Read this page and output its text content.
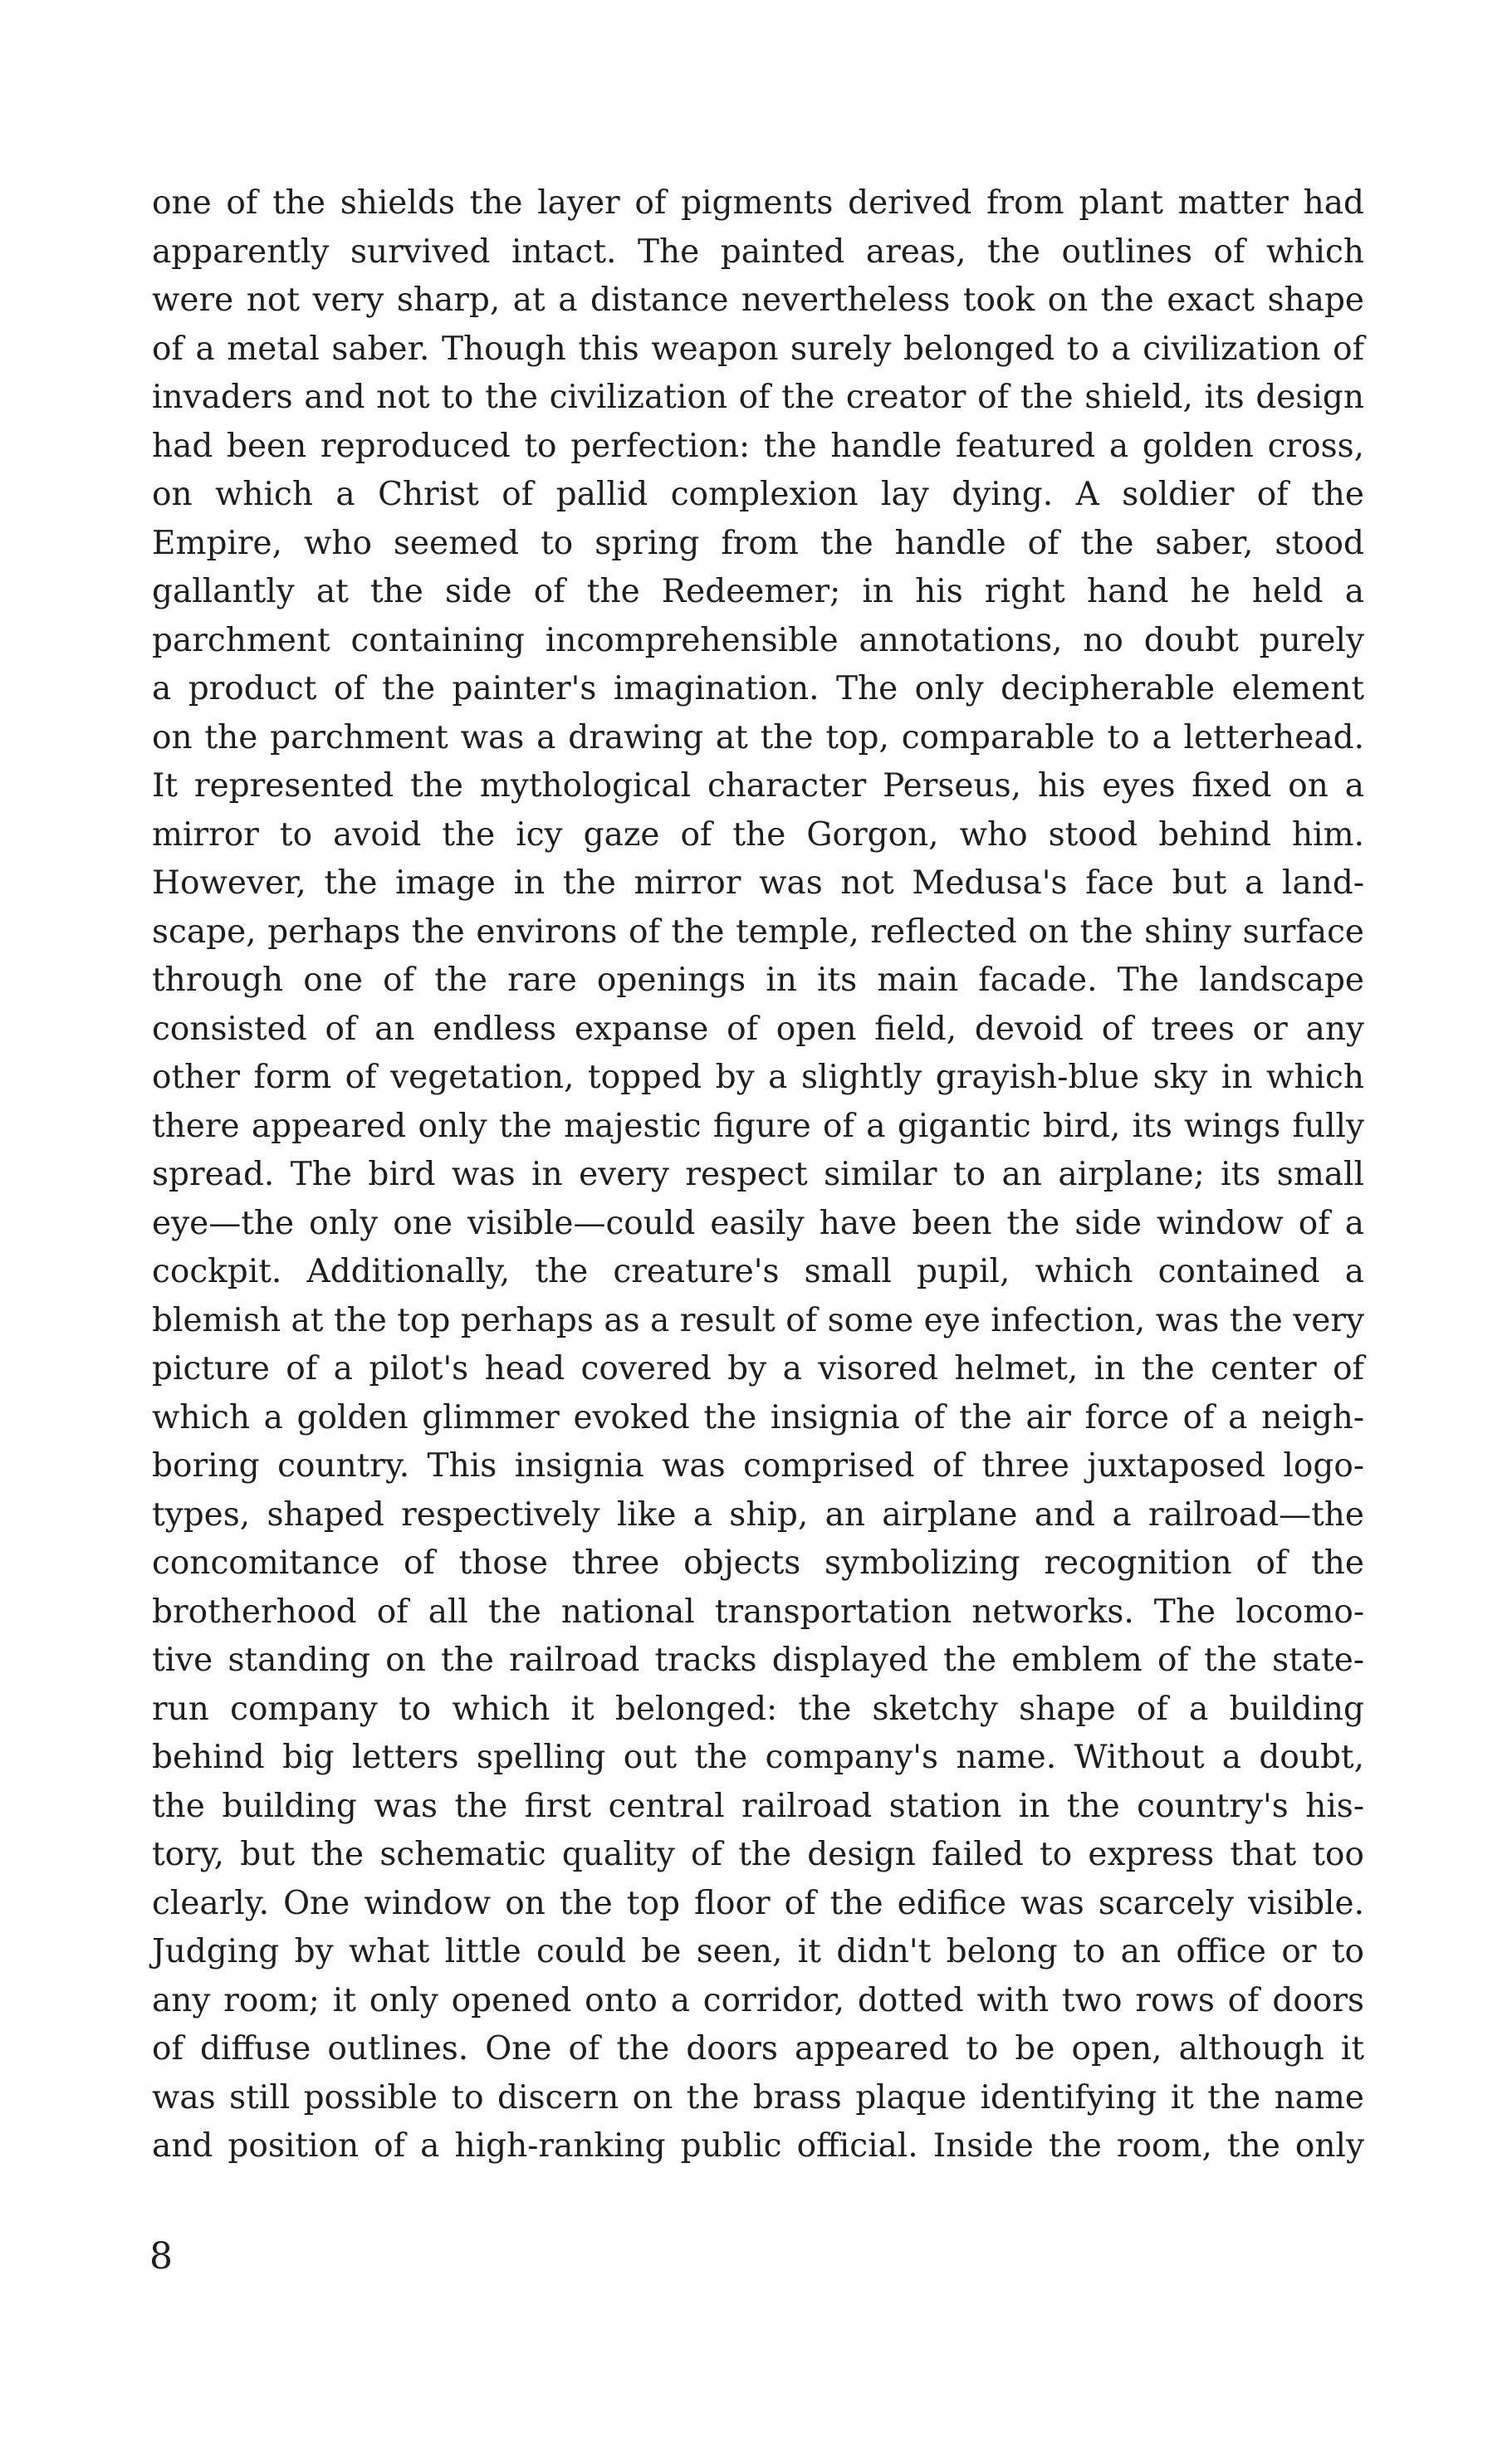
one of the shields the layer of pigments derived from plant matter had
apparently survived intact. The painted areas, the outlines of which
were not very sharp, at a distance nevertheless took on the exact shape
of a metal saber. Though this weapon surely belonged to a civilization of
invaders and not to the civilization of the creator of the shield, its design
had been reproduced to perfection: the handle featured a golden cross,
on which a Christ of pallid complexion lay dying. A soldier of the
Empire, who seemed to spring from the handle of the saber, stood
gallantly at the side of the Redeemer; in his right hand he held a
parchment containing incomprehensible annotations, no doubt purely
a product of the painter's imagination. The only decipherable element
on the parchment was a drawing at the top, comparable to a letterhead.
It represented the mythological character Perseus, his eyes fixed on a
mirror to avoid the icy gaze of the Gorgon, who stood behind him.
However, the image in the mirror was not Medusa's face but a land-
scape, perhaps the environs of the temple, reflected on the shiny surface
through one of the rare openings in its main facade. The landscape
consisted of an endless expanse of open field, devoid of trees or any
other form of vegetation, topped by a slightly grayish-blue sky in which
there appeared only the majestic figure of a gigantic bird, its wings fully
spread. The bird was in every respect similar to an airplane; its small
eye—the only one visible—could easily have been the side window of a
cockpit. Additionally, the creature's small pupil, which contained a
blemish at the top perhaps as a result of some eye infection, was the very
picture of a pilot's head covered by a visored helmet, in the center of
which a golden glimmer evoked the insignia of the air force of a neigh-
boring country. This insignia was comprised of three juxtaposed logo-
types, shaped respectively like a ship, an airplane and a railroad—the
concomitance of those three objects symbolizing recognition of the
brotherhood of all the national transportation networks. The locomo-
tive standing on the railroad tracks displayed the emblem of the state-
run company to which it belonged: the sketchy shape of a building
behind big letters spelling out the company's name. Without a doubt,
the building was the first central railroad station in the country's his-
tory, but the schematic quality of the design failed to express that too
clearly. One window on the top floor of the edifice was scarcely visible.
Judging by what little could be seen, it didn't belong to an office or to
any room; it only opened onto a corridor, dotted with two rows of doors
of diffuse outlines. One of the doors appeared to be open, although it
was still possible to discern on the brass plaque identifying it the name
and position of a high-ranking public official. Inside the room, the only
8
